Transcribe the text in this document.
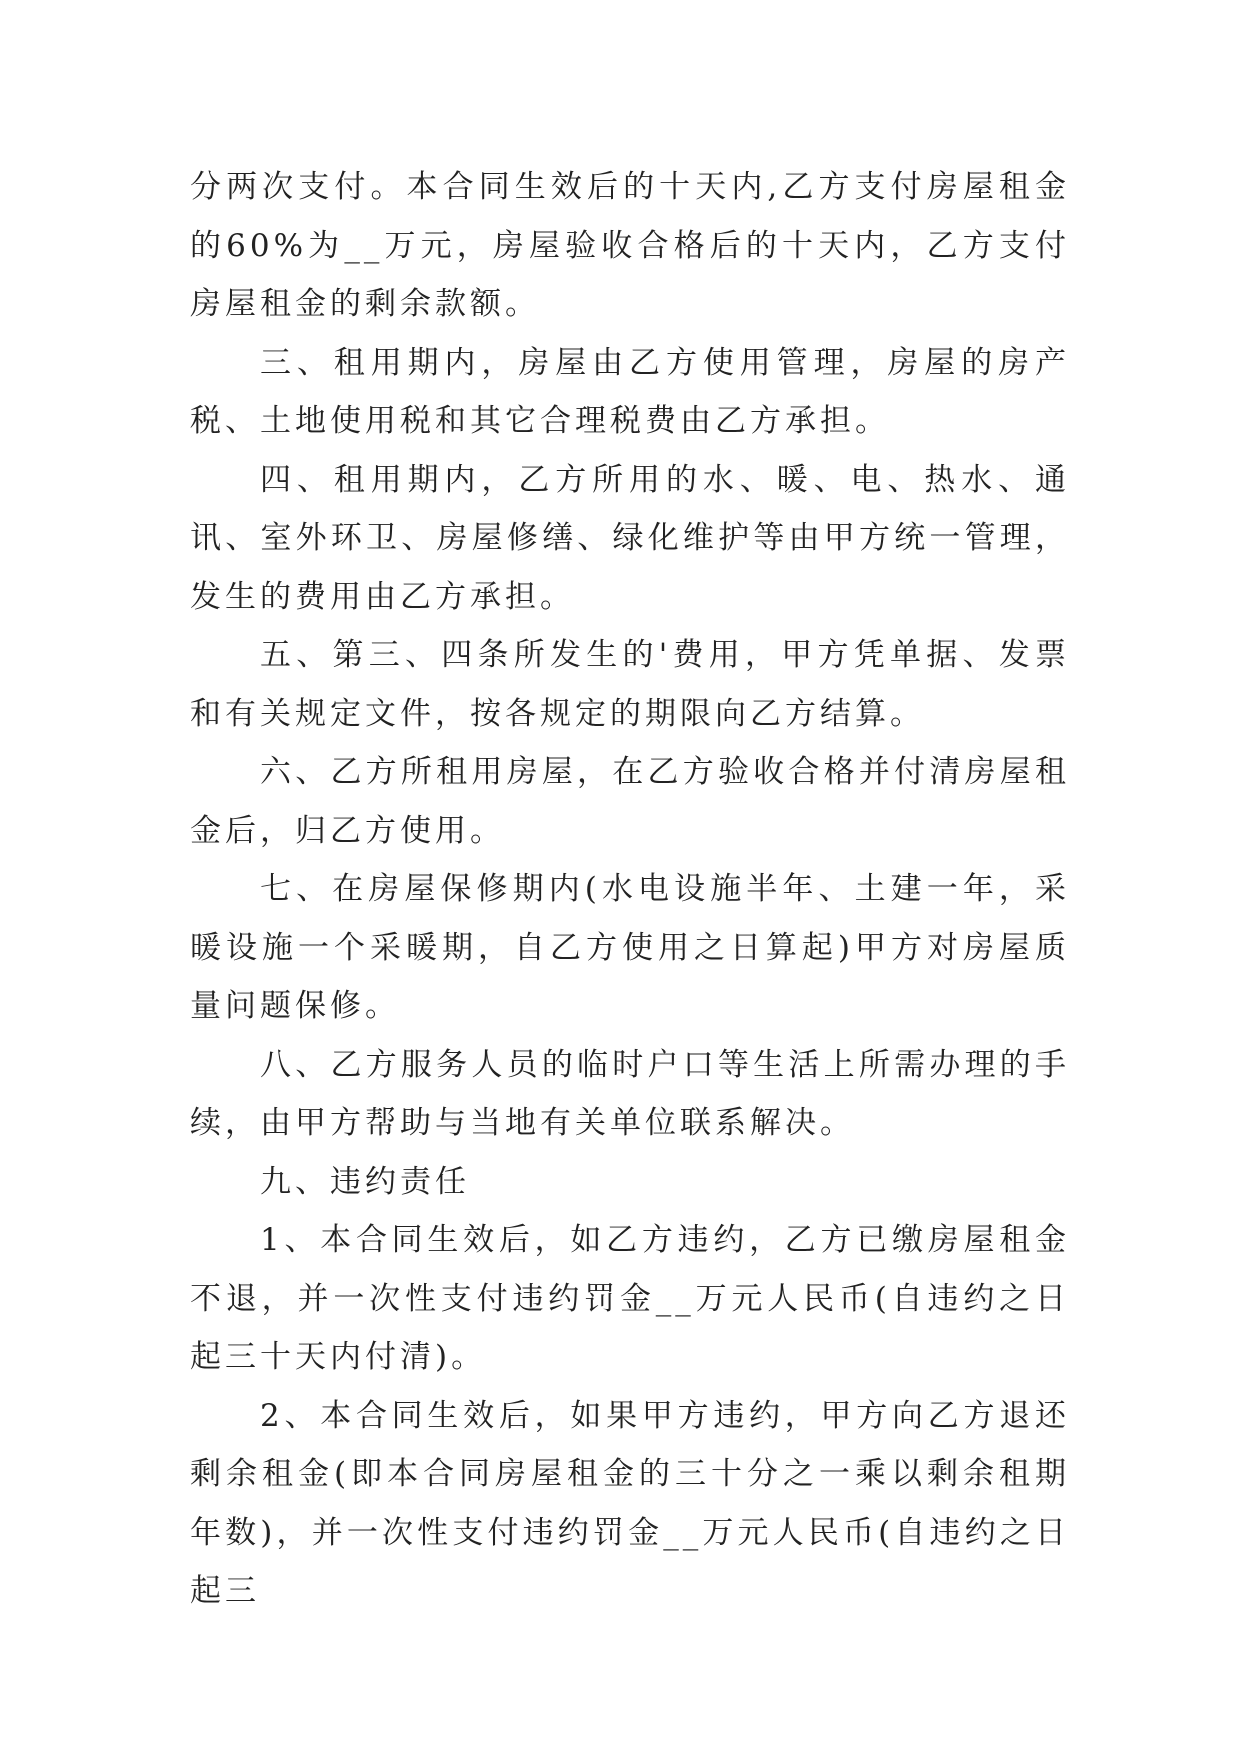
分两次支付。本合同生效后的十天内,乙方支付房屋租金的60%为__万元，房屋验收合格后的十天内，乙方支付房屋租金的剩余款额。

三、租用期内，房屋由乙方使用管理，房屋的房产税、土地使用税和其它合理税费由乙方承担。

四、租用期内，乙方所用的水、暖、电、热水、通讯、室外环卫、房屋修缮、绿化维护等由甲方统一管理，发生的费用由乙方承担。

五、第三、四条所发生的'费用，甲方凭单据、发票和有关规定文件，按各规定的期限向乙方结算。

六、乙方所租用房屋，在乙方验收合格并付清房屋租金后，归乙方使用。

七、在房屋保修期内(水电设施半年、土建一年，采暖设施一个采暖期，自乙方使用之日算起)甲方对房屋质量问题保修。

八、乙方服务人员的临时户口等生活上所需办理的手续，由甲方帮助与当地有关单位联系解决。

九、违约责任

1、本合同生效后，如乙方违约，乙方已缴房屋租金不退，并一次性支付违约罚金__万元人民币(自违约之日起三十天内付清)。

2、本合同生效后，如果甲方违约，甲方向乙方退还剩余租金(即本合同房屋租金的三十分之一乘以剩余租期年数)，并一次性支付违约罚金__万元人民币(自违约之日起三
